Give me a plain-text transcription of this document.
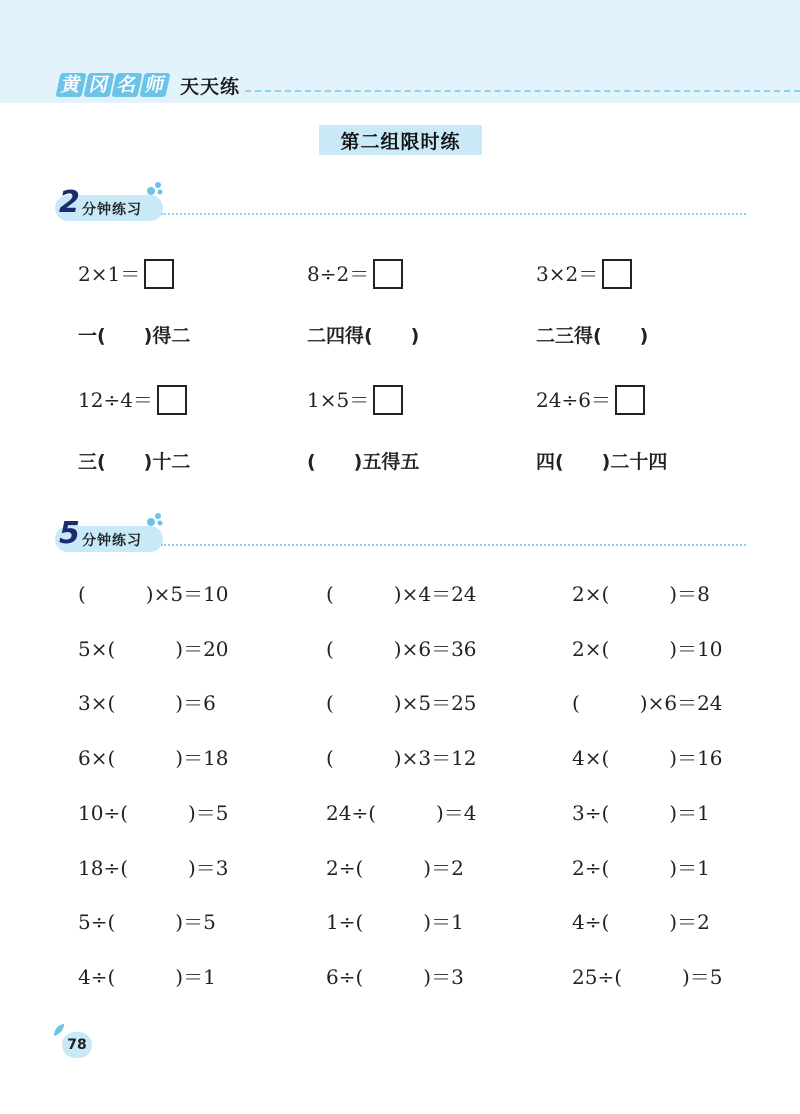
黄 冈 名 师 天天练
第二组限时练
2 分钟练习
2×1＝	8÷2＝	3×2＝
一(　　)得二	二四得(　　)	二三得(　　)
12÷4＝	1×5＝	24÷6＝
三(　　)十二	(　　)五得五	四(　　)二十四
5 分钟练习
(　　　)×5＝10	(　　　)×4＝24	2×(　　　)＝8
5×(　　　)＝20	(　　　)×6＝36	2×(　　　)＝10
3×(　　　)＝6	(　　　)×5＝25	(　　　)×6＝24
6×(　　　)＝18	(　　　)×3＝12	4×(　　　)＝16
10÷(　　　)＝5	24÷(　　　)＝4	3÷(　　　)＝1
18÷(　　　)＝3	2÷(　　　)＝2	2÷(　　　)＝1
5÷(　　　)＝5	1÷(　　　)＝1	4÷(　　　)＝2
4÷(　　　)＝1	6÷(　　　)＝3	25÷(　　　)＝5
78
